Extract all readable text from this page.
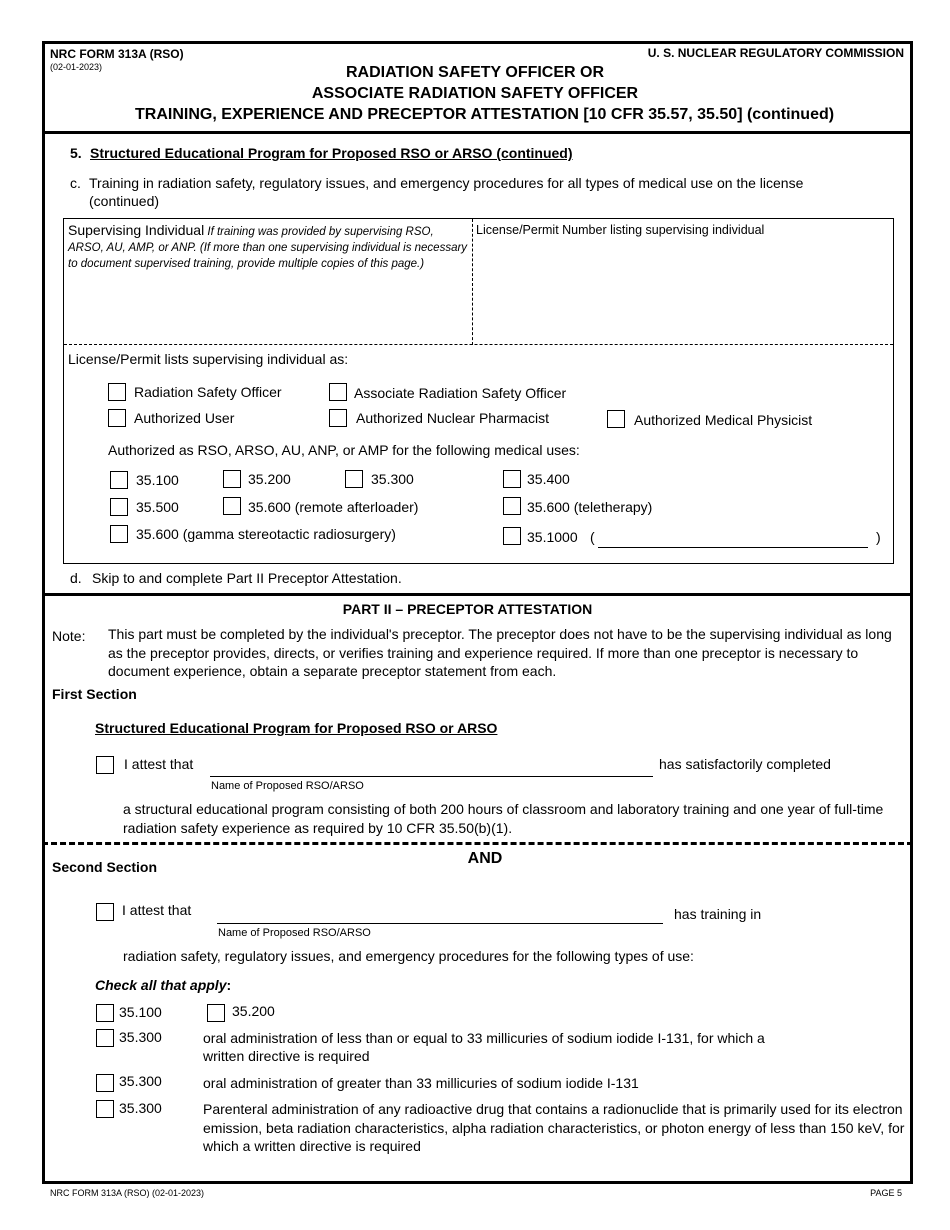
NRC FORM 313A (RSO)
(02-01-2023)
U. S. NUCLEAR REGULATORY COMMISSION
RADIATION SAFETY OFFICER OR
ASSOCIATE RADIATION SAFETY OFFICER
TRAINING, EXPERIENCE AND PRECEPTOR ATTESTATION [10 CFR 35.57, 35.50] (continued)
5. Structured Educational Program for Proposed RSO or ARSO (continued)
c. Training in radiation safety, regulatory issues, and emergency procedures for all types of medical use on the license (continued)
Supervising Individual If training was provided by supervising RSO, ARSO, AU, AMP, or ANP. (If more than one supervising individual is necessary to document supervised training, provide multiple copies of this page.)
License/Permit Number listing supervising individual
License/Permit lists supervising individual as:
Radiation Safety Officer	Associate Radiation Safety Officer
Authorized User	Authorized Nuclear Pharmacist	Authorized Medical Physicist
Authorized as RSO, ARSO, AU, ANP, or AMP for the following medical uses:
35.100	35.200	35.300	35.400
35.500	35.600 (remote afterloader)	35.600 (teletherapy)
35.600 (gamma stereotactic radiosurgery)	35.1000 (	)
d. Skip to and complete Part II Preceptor Attestation.
PART II – PRECEPTOR ATTESTATION
Note: This part must be completed by the individual's preceptor. The preceptor does not have to be the supervising individual as long as the preceptor provides, directs, or verifies training and experience required. If more than one preceptor is necessary to document experience, obtain a separate preceptor statement from each.
First Section
Structured Educational Program for Proposed RSO or ARSO
I attest that
Name of Proposed RSO/ARSO
has satisfactorily completed
a structural educational program consisting of both 200 hours of classroom and laboratory training and one year of full-time radiation safety experience as required by 10 CFR 35.50(b)(1).
AND
Second Section
I attest that
Name of Proposed RSO/ARSO
has training in
radiation safety, regulatory issues, and emergency procedures for the following types of use:
Check all that apply:
35.100	35.200
35.300	oral administration of less than or equal to 33 millicuries of sodium iodide I-131, for which a written directive is required
35.300	oral administration of greater than 33 millicuries of sodium iodide I-131
35.300	Parenteral administration of any radioactive drug that contains a radionuclide that is primarily used for its electron emission, beta radiation characteristics, alpha radiation characteristics, or photon energy of less than 150 keV, for which a written directive is required
NRC FORM 313A (RSO) (02-01-2023)	PAGE 5
